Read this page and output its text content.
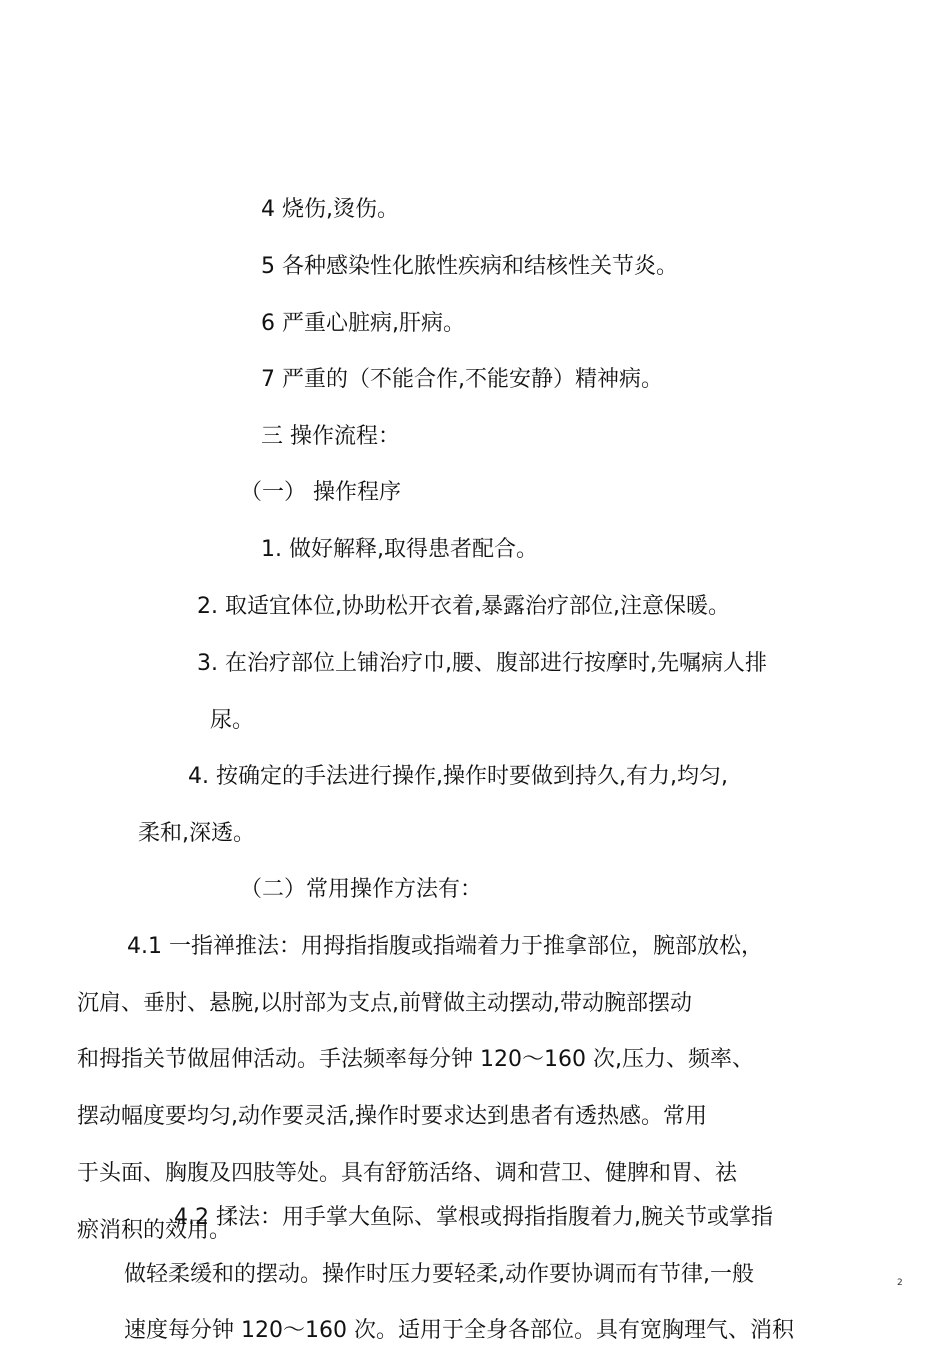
4 烧伤,烫伤。
5 各种感染性化脓性疾病和结核性关节炎。
6 严重心脏病,肝病。
7 严重的（不能合作,不能安静）精神病。
三 操作流程：
（一） 操作程序
1. 做好解释,取得患者配合。
2. 取适宜体位,协助松开衣着,暴露治疗部位,注意保暖。
3. 在治疗部位上铺治疗巾,腰、腹部进行按摩时,先嘱病人排
尿。
4. 按确定的手法进行操作,操作时要做到持久,有力,均匀,
柔和,深透。
（二）常用操作方法有：
4.1 一指禅推法：用拇指指腹或指端着力于推拿部位，腕部放松，
沉肩、垂肘、悬腕,以肘部为支点,前臂做主动摆动,带动腕部摆动
和拇指关节做屈伸活动。手法频率每分钟 120～160 次,压力、频率、
摆动幅度要均匀,动作要灵活,操作时要求达到患者有透热感。常用
于头面、胸腹及四肢等处。具有舒筋活络、调和营卫、健脾和胃、祛
瘀消积的效用。
4.2 揉法：用手掌大鱼际、掌根或拇指指腹着力,腕关节或掌指
做轻柔缓和的摆动。操作时压力要轻柔,动作要协调而有节律,一般
速度每分钟 120～160 次。适用于全身各部位。具有宽胸理气、消积
2
